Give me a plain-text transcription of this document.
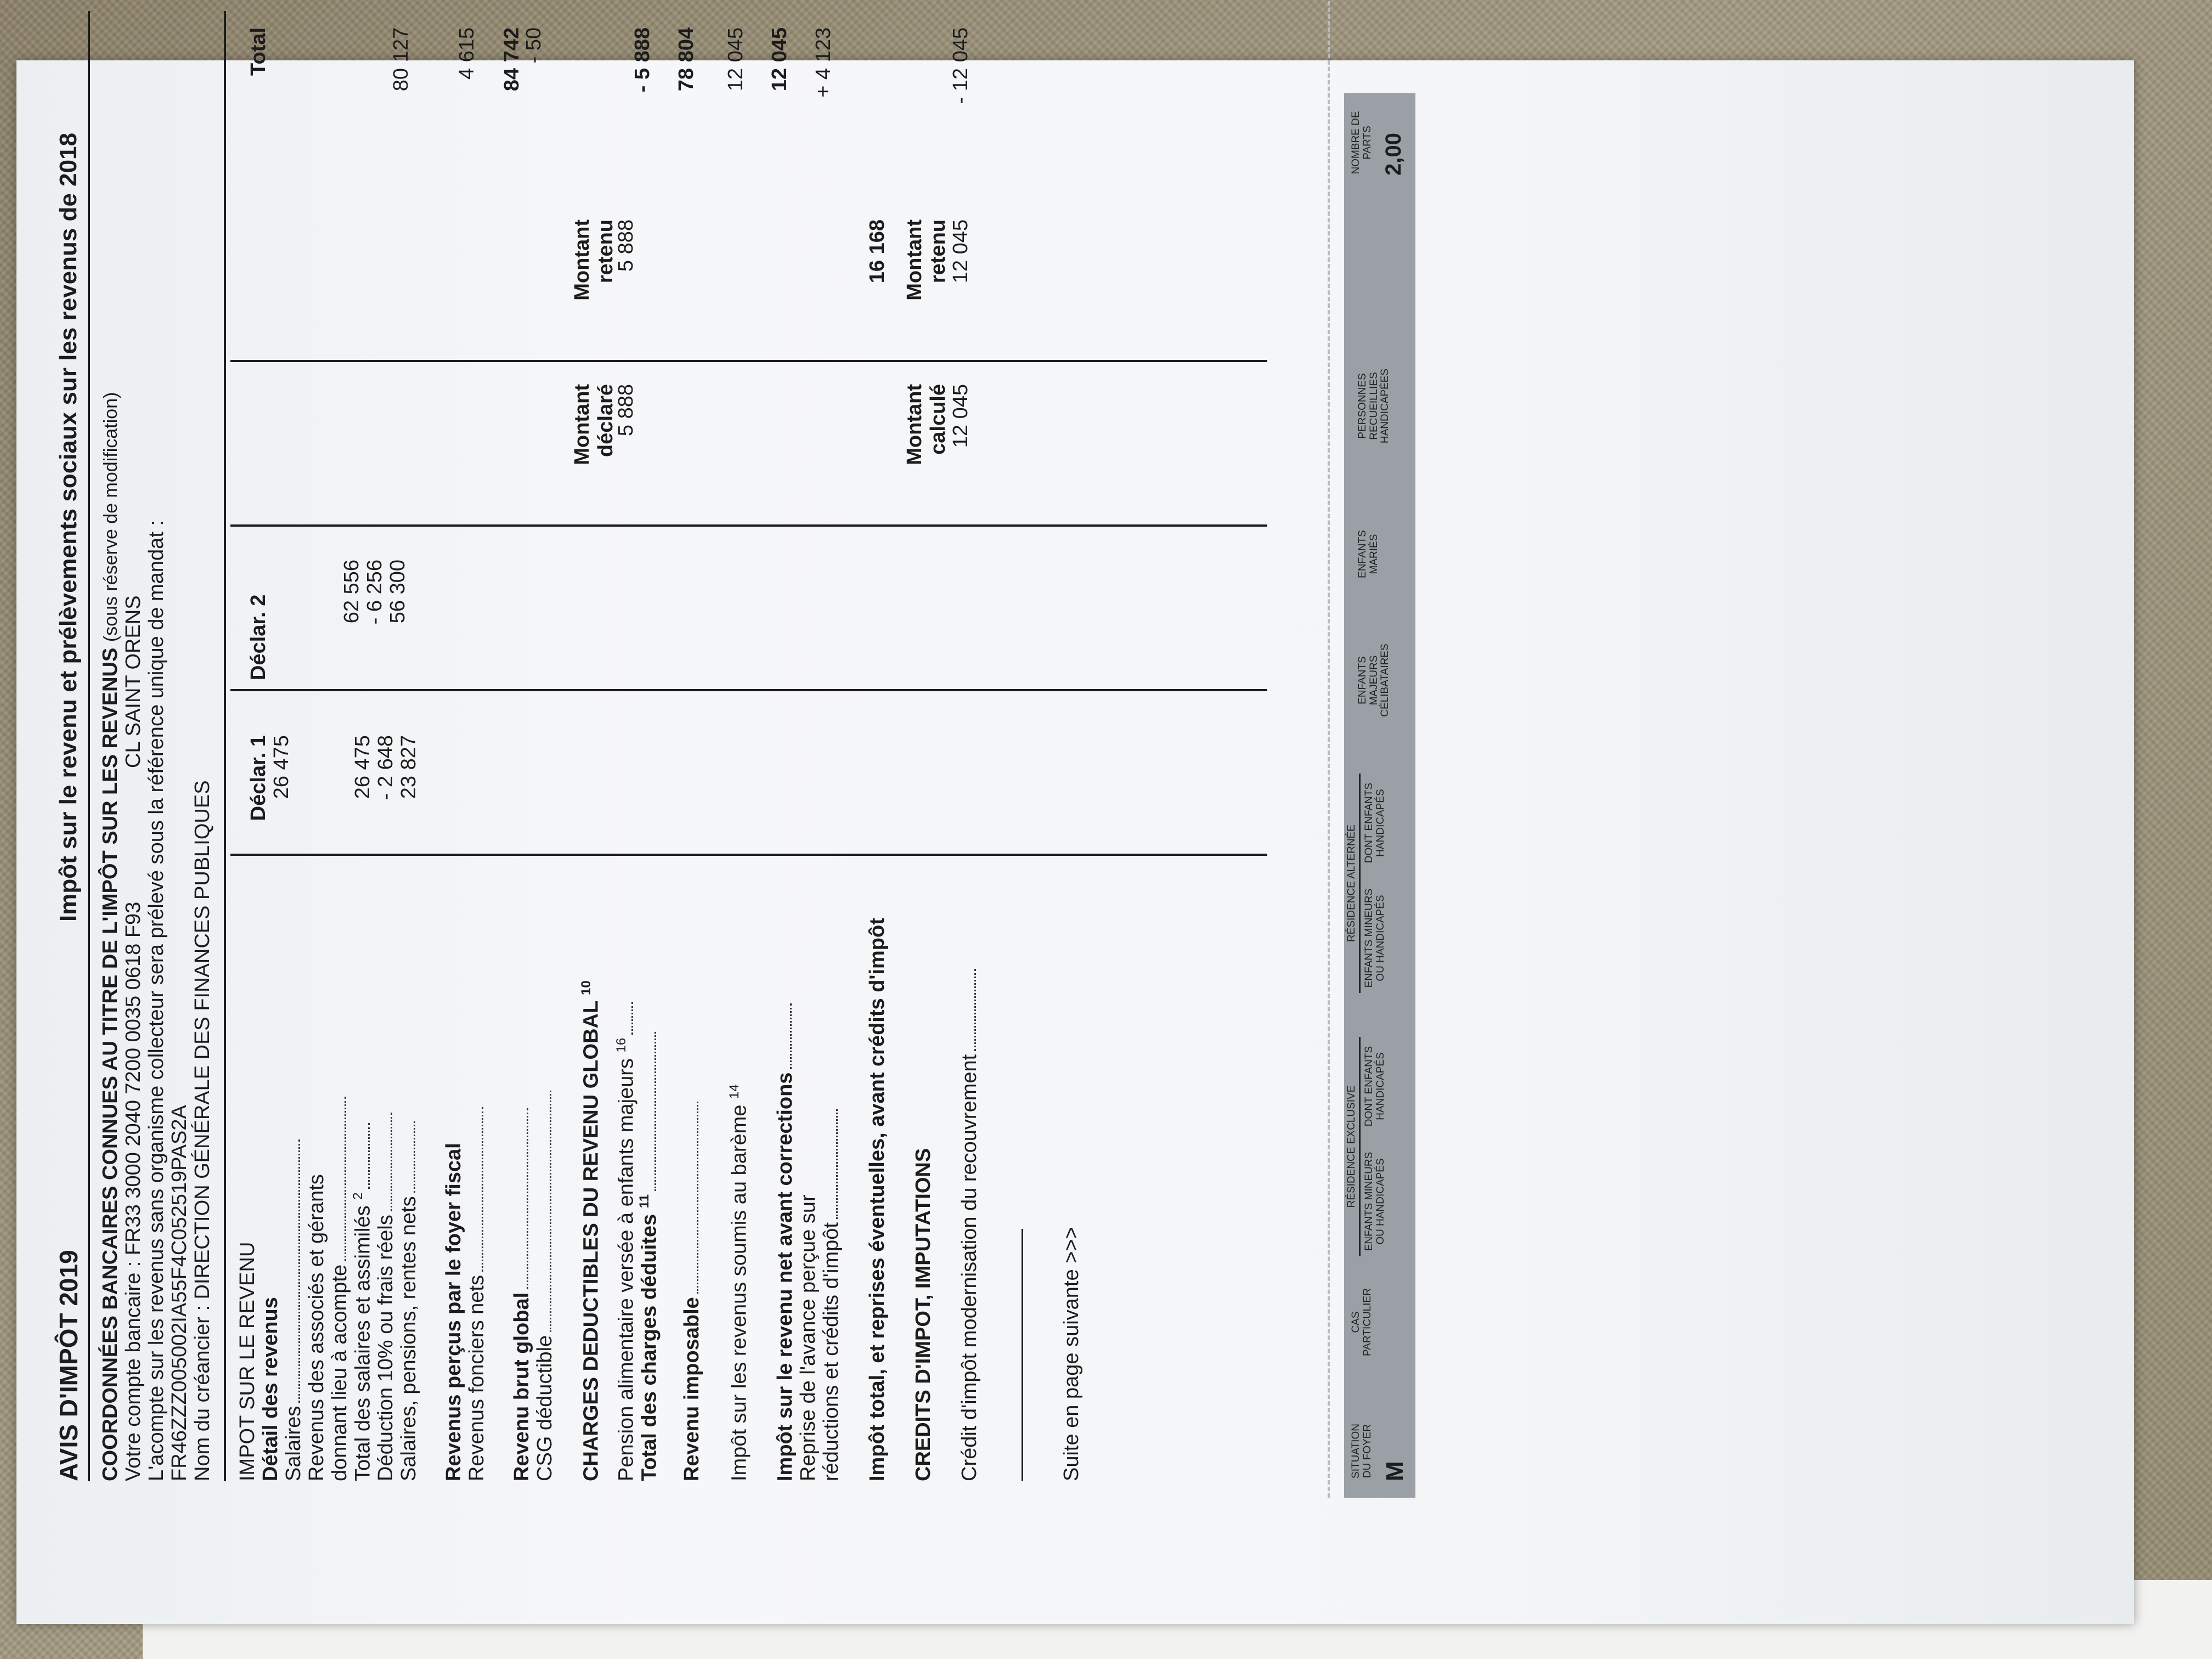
AVIS D'IMPÔT 2019
Impôt sur le revenu et prélèvements sociaux sur les revenus de 2018
COORDONNÉES BANCAIRES CONNUES AU TITRE DE L'IMPÔT SUR LES REVENUS (sous réserve de modification)
Votre compte bancaire : FR33 3000 2040 7200 0035 0618 F93
CL SAINT ORENS L'acompte sur les revenus sans organisme collecteur sera prélevé sous la référence unique de mandat : FR46ZZZ005002IA55F4C052519PAS2A Nom du créancier : DIRECTION GÉNÉRALE DES FINANCES PUBLIQUES IMPOT SUR LE REVENU Détail des revenus
Déclar. 1
Déclar. 2
Total
Salaires
26 475
Revenus des associés et gérants donnant lieu à acompte Total des salaires et assimilés $^2$
26 475
62 556
Déduction 10% ou frais réels
- 2 648
- 6 256
Salaires, pensions, rentes nets
23 827
56 300
80 127
Revenus perçus par le foyer fiscal Revenus fonciers nets
4 615
Revenu brut global
84 742
CSG déductible
- 50
CHARGES DEDUCTIBLES DU REVENU GLOBAL $^{10}$
Montant déclaré
Montant retenu
Pension alimentaire versée à enfants majeurs $^{16}$
5 888
5 888
Total des charges déduites $^{11}$
- 5 888
Revenu imposable
78 804
Impôt sur les revenus soumis au barème $^{14}$
12 045
Impôt sur le revenu net avant corrections
12 045
Reprise de l'avance perçue sur réductions et crédits d'impôt
+ 4 123
Impôt total, et reprises éventuelles, avant crédits d'impôt
16 168
CREDITS D'IMPOT, IMPUTATIONS
Montant calculé
Montant retenu
Crédit d'impôt modernisation du recouvrement
12 045
12 045
- 12 045
Suite en page suivante >>>	SITUATION DU FOYER M
CAS PARTICULIER
RÉSIDENCE EXCLUSIVE ENFANTS MINEURS OU HANDICAPÉS
DONT ENFANTS HANDICAPÉS
RÉSIDENCE ALTERNÉE ENFANTS MINEURS OU HANDICAPÉS
DONT ENFANTS HANDICAPÉS
ENFANTS MAJEURS CÉLIBATAIRES
ENFANTS MARIÉS
PERSONNES RECUEILLIES HANDICAPÉES
NOMBRE DE PARTS 2,00
